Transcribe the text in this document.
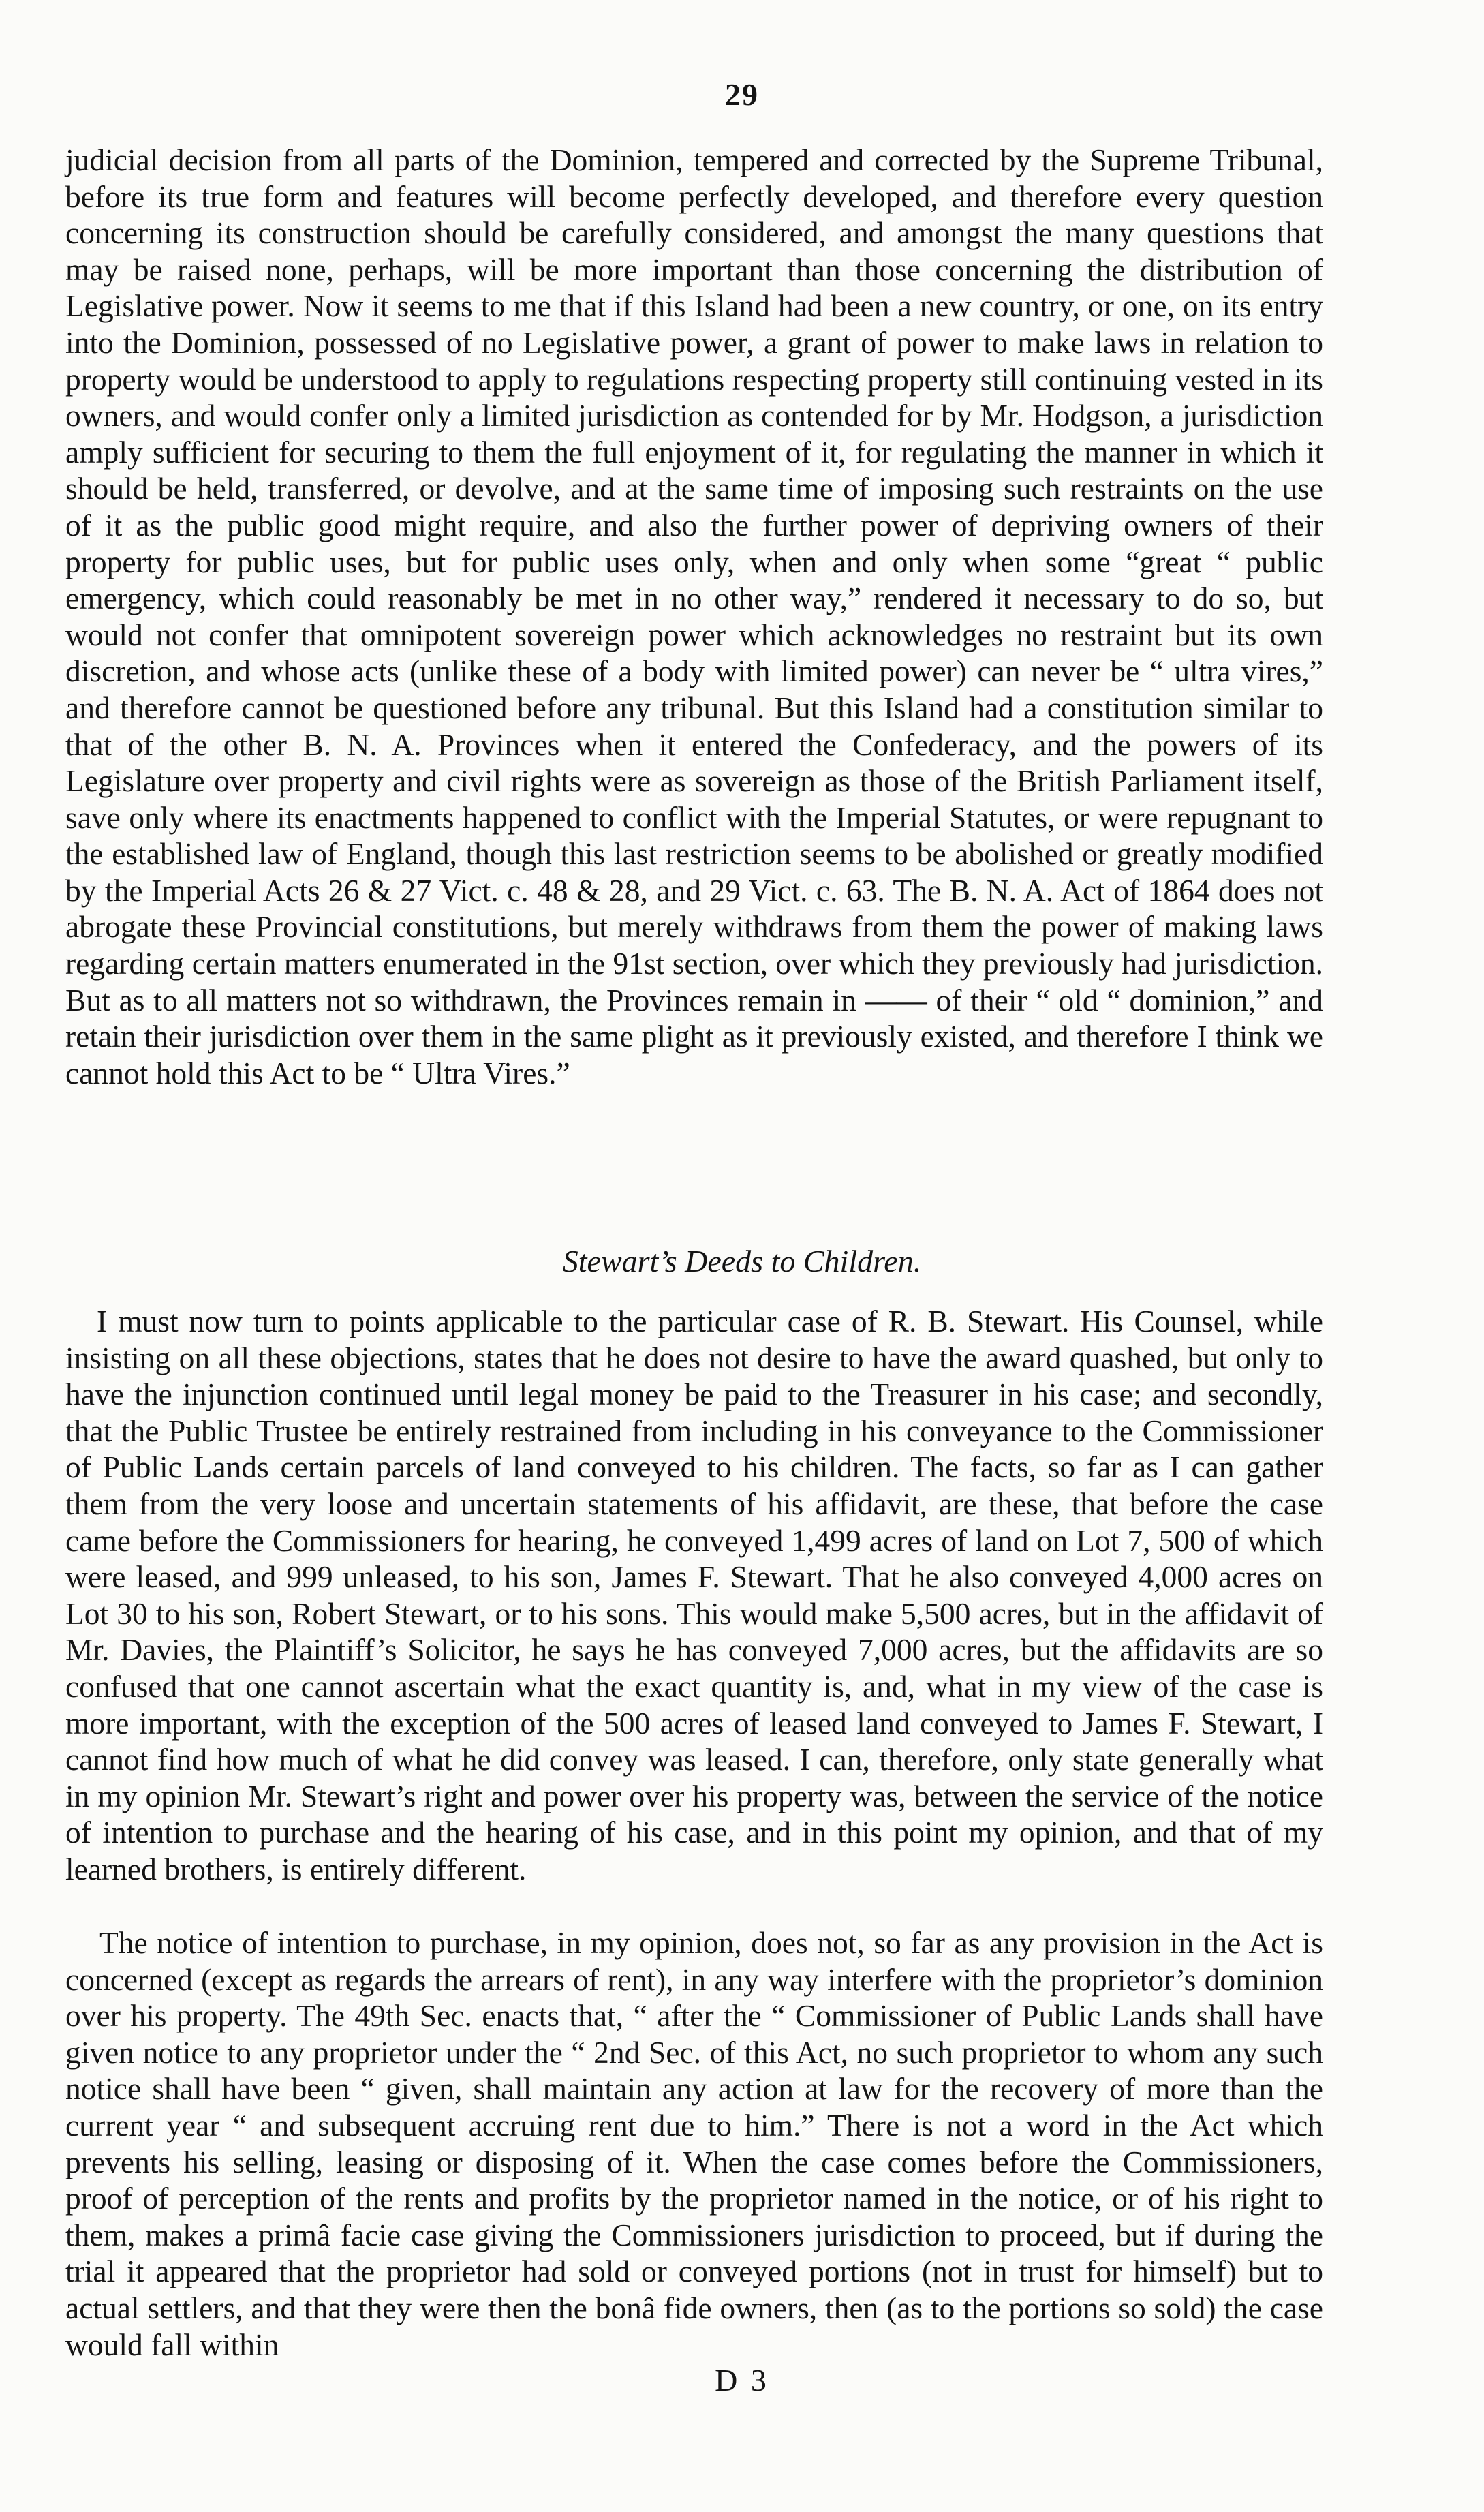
29

judicial decision from all parts of the Dominion, tempered and corrected by the Supreme Tribunal, before its true form and features will become perfectly developed, and therefore every question concerning its construction should be carefully considered, and amongst the many questions that may be raised none, perhaps, will be more important than those concerning the distribution of Legislative power. Now it seems to me that if this Island had been a new country, or one, on its entry into the Dominion, possessed of no Legislative power, a grant of power to make laws in relation to property would be understood to apply to regulations respecting property still continuing vested in its owners, and would confer only a limited jurisdiction as contended for by Mr. Hodgson, a jurisdiction amply sufficient for securing to them the full enjoyment of it, for regulating the manner in which it should be held, transferred, or devolve, and at the same time of imposing such restraints on the use of it as the public good might require, and also the further power of depriving owners of their property for public uses, but for public uses only, when and only when some “great “ public emergency, which could reasonably be met in no other way,” rendered it necessary to do so, but would not confer that omnipotent sovereign power which acknowledges no restraint but its own discretion, and whose acts (unlike these of a body with limited power) can never be “ ultra vires,” and therefore cannot be questioned before any tribunal. But this Island had a constitution similar to that of the other B. N. A. Provinces when it entered the Confederacy, and the powers of its Legislature over property and civil rights were as sovereign as those of the British Parliament itself, save only where its enactments happened to conflict with the Imperial Statutes, or were repugnant to the established law of England, though this last restriction seems to be abolished or greatly modified by the Imperial Acts 26 & 27 Vict. c. 48 & 28, and 29 Vict. c. 63. The B. N. A. Act of 1864 does not abrogate these Provincial constitutions, but merely withdraws from them the power of making laws regarding certain matters enumerated in the 91st section, over which they previously had jurisdiction. But as to all matters not so withdrawn, the Provinces remain in —— of their “ old “ dominion,” and retain their jurisdiction over them in the same plight as it previously existed, and therefore I think we cannot hold this Act to be “ Ultra Vires.”

Stewart’s Deeds to Children.

I must now turn to points applicable to the particular case of R. B. Stewart. His Counsel, while insisting on all these objections, states that he does not desire to have the award quashed, but only to have the injunction continued until legal money be paid to the Treasurer in his case; and secondly, that the Public Trustee be entirely restrained from including in his conveyance to the Commissioner of Public Lands certain parcels of land conveyed to his children. The facts, so far as I can gather them from the very loose and uncertain statements of his affidavit, are these, that before the case came before the Commissioners for hearing, he conveyed 1,499 acres of land on Lot 7, 500 of which were leased, and 999 unleased, to his son, James F. Stewart. That he also conveyed 4,000 acres on Lot 30 to his son, Robert Stewart, or to his sons. This would make 5,500 acres, but in the affidavit of Mr. Davies, the Plaintiff’s Solicitor, he says he has conveyed 7,000 acres, but the affidavits are so confused that one cannot ascertain what the exact quantity is, and, what in my view of the case is more important, with the exception of the 500 acres of leased land conveyed to James F. Stewart, I cannot find how much of what he did convey was leased. I can, therefore, only state generally what in my opinion Mr. Stewart’s right and power over his property was, between the service of the notice of intention to purchase and the hearing of his case, and in this point my opinion, and that of my learned brothers, is entirely different.

The notice of intention to purchase, in my opinion, does not, so far as any provision in the Act is concerned (except as regards the arrears of rent), in any way interfere with the proprietor’s dominion over his property. The 49th Sec. enacts that, “ after the “ Commissioner of Public Lands shall have given notice to any proprietor under the “ 2nd Sec. of this Act, no such proprietor to whom any such notice shall have been “ given, shall maintain any action at law for the recovery of more than the current year “ and subsequent accruing rent due to him.” There is not a word in the Act which prevents his selling, leasing or disposing of it. When the case comes before the Commissioners, proof of perception of the rents and profits by the proprietor named in the notice, or of his right to them, makes a primâ facie case giving the Commissioners jurisdiction to proceed, but if during the trial it appeared that the proprietor had sold or conveyed portions (not in trust for himself) but to actual settlers, and that they were then the bonâ fide owners, then (as to the portions so sold) the case would fall within

D 3
